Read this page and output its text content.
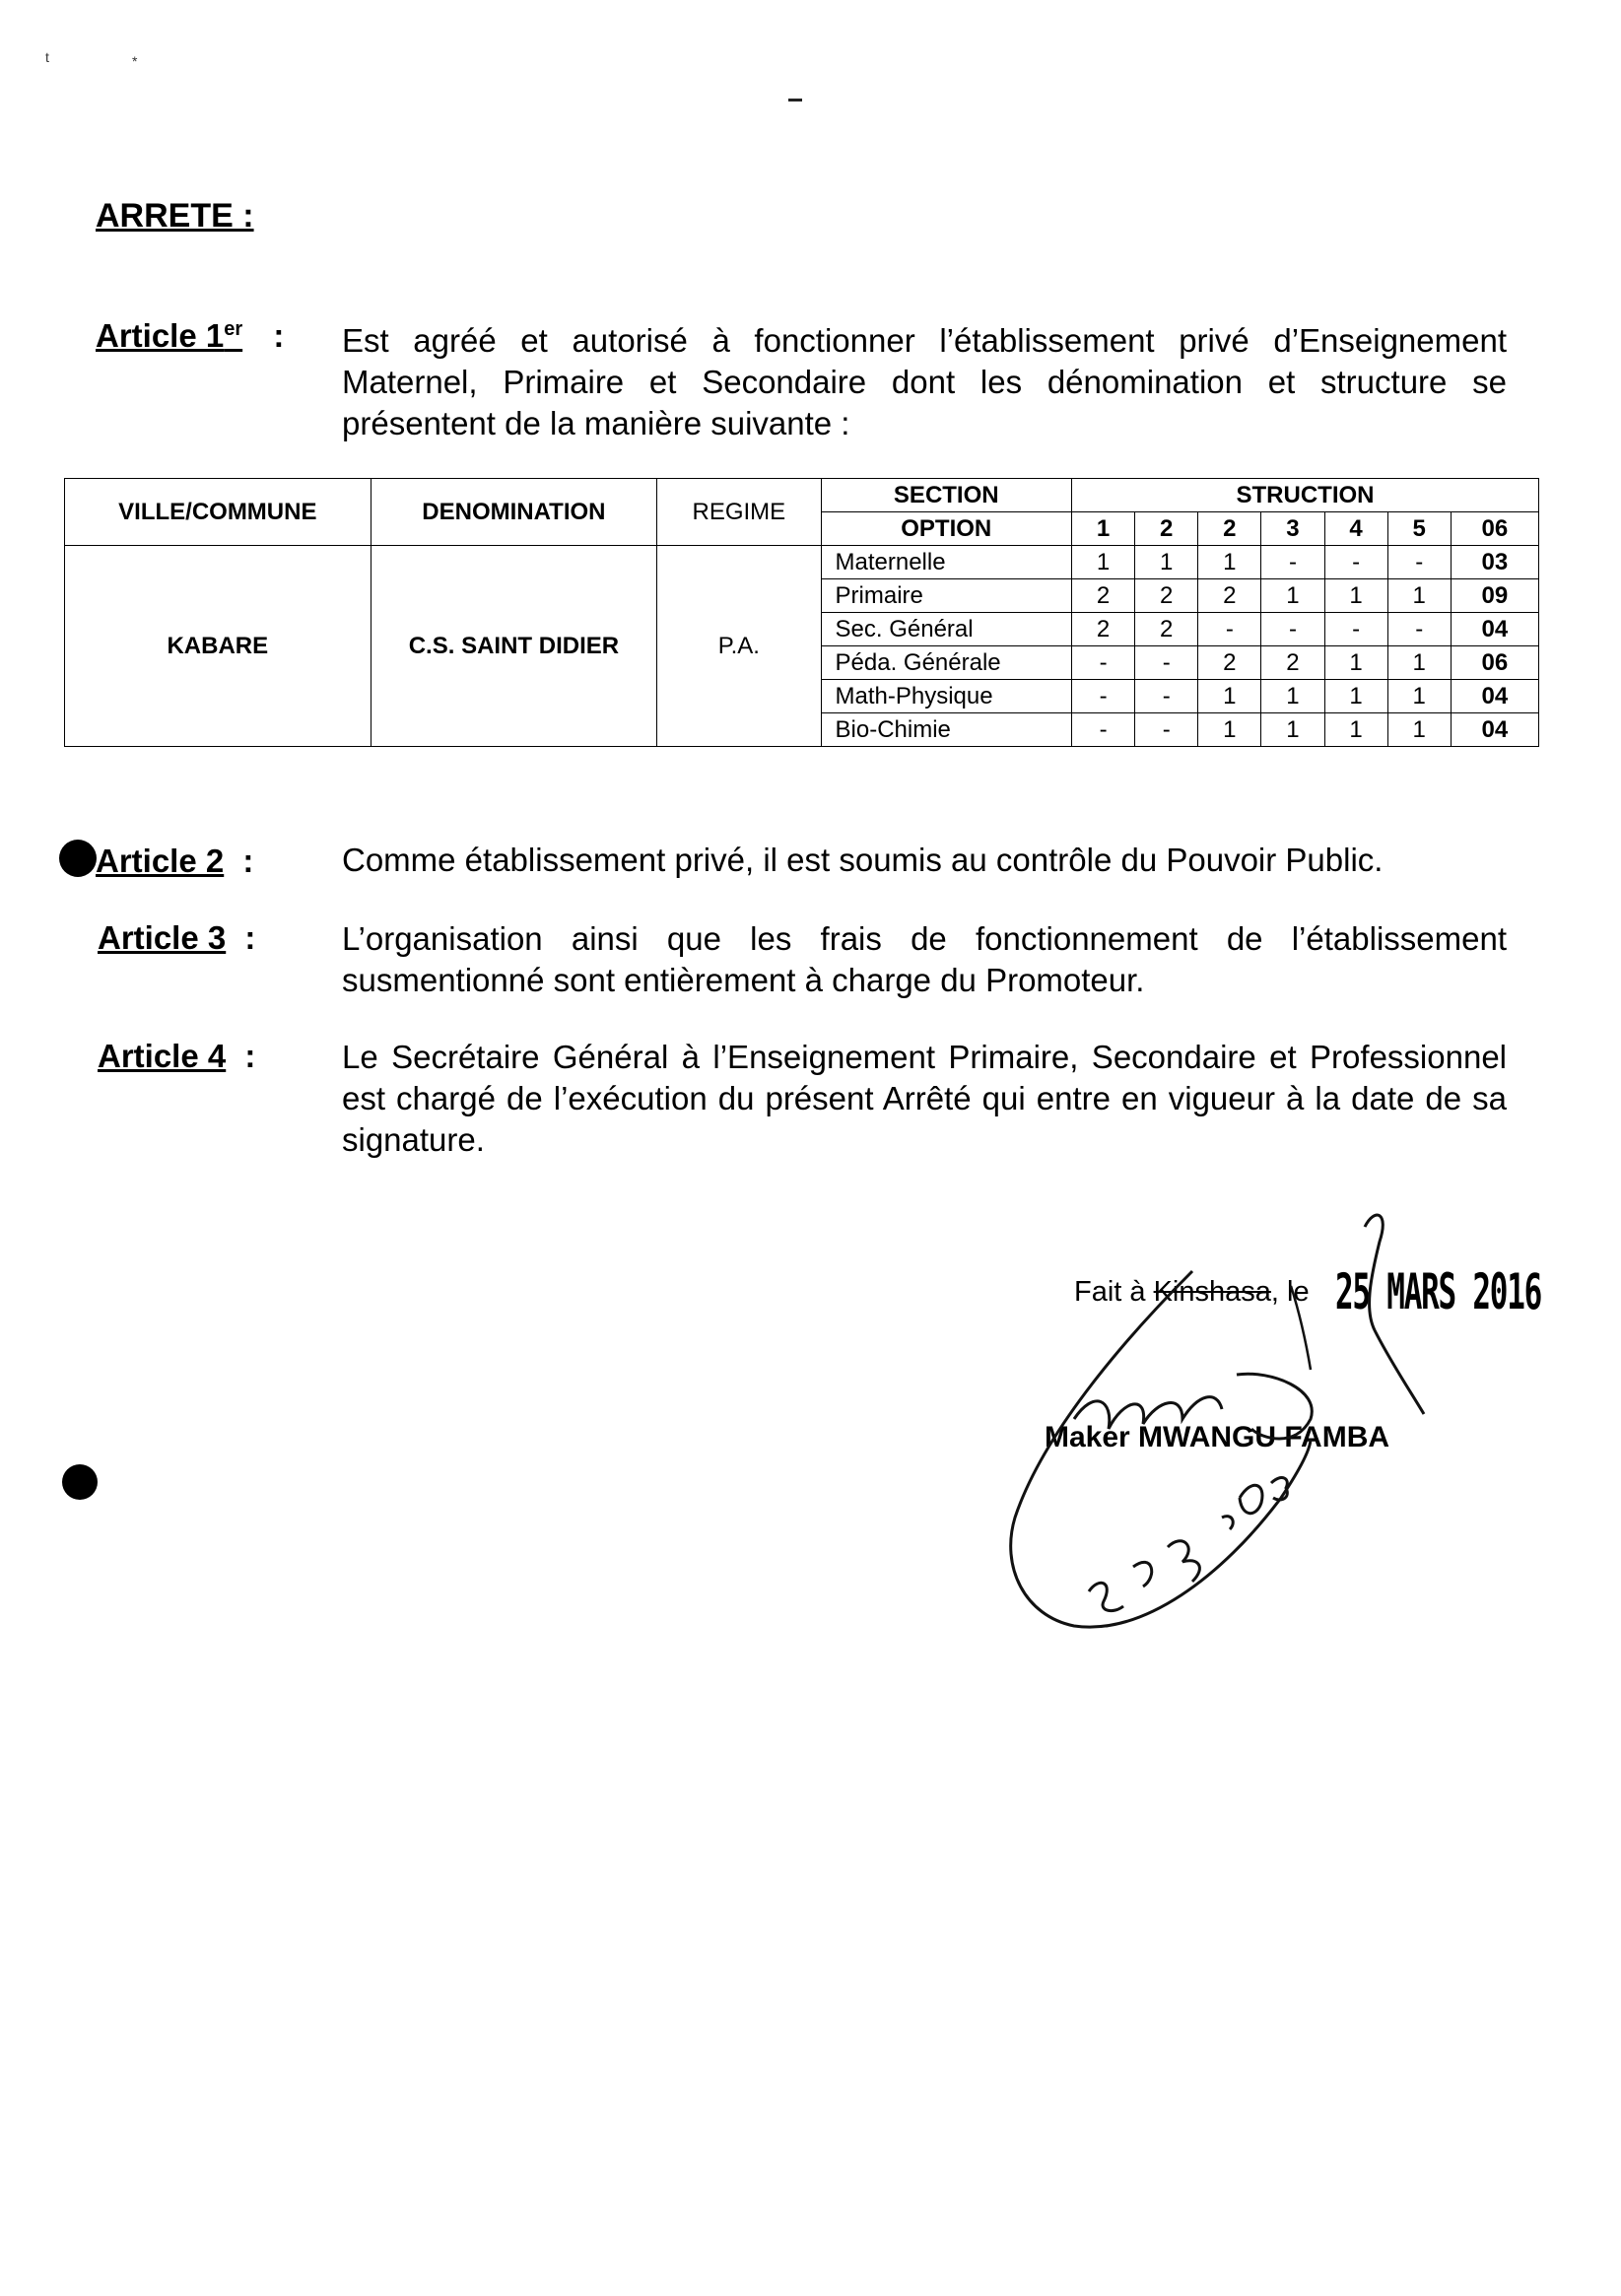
t	*
ARRETE :
Article 1er : Est agréé et autorisé à fonctionner l’établissement privé d’Enseignement Maternel, Primaire et Secondaire dont les dénomination et structure se présentent de la manière suivante :
VILLE/COMMUNE	DENOMINATION	REGIME	SECTION	STRUCTION						
			OPTION	1	2	2	3	4	5	06
KABARE	C.S. SAINT DIDIER	P.A.	Maternelle	1	1	1	-	-	-	03
			Primaire	2	2	2	1	1	1	09
			Sec. Général	2	2	-	-	-	-	04
			Péda. Générale	-	-	2	2	1	1	06
			Math-Physique	-	-	1	1	1	1	04
			Bio-Chimie	-	-	1	1	1	1	04
Article 2 :	Comme établissement privé, il est soumis au contrôle du Pouvoir Public.
Article 3 :	L’organisation ainsi que les frais de fonctionnement de l’établissement susmentionné sont entièrement à charge du Promoteur.
Article 4 :	Le Secrétaire Général à l’Enseignement Primaire, Secondaire et Professionnel est chargé de l’exécution du présent Arrêté qui entre en vigueur à la date de sa signature.
Fait à Kinshasa, le 25 MARS 2016
Maker MWANGU FAMBA
